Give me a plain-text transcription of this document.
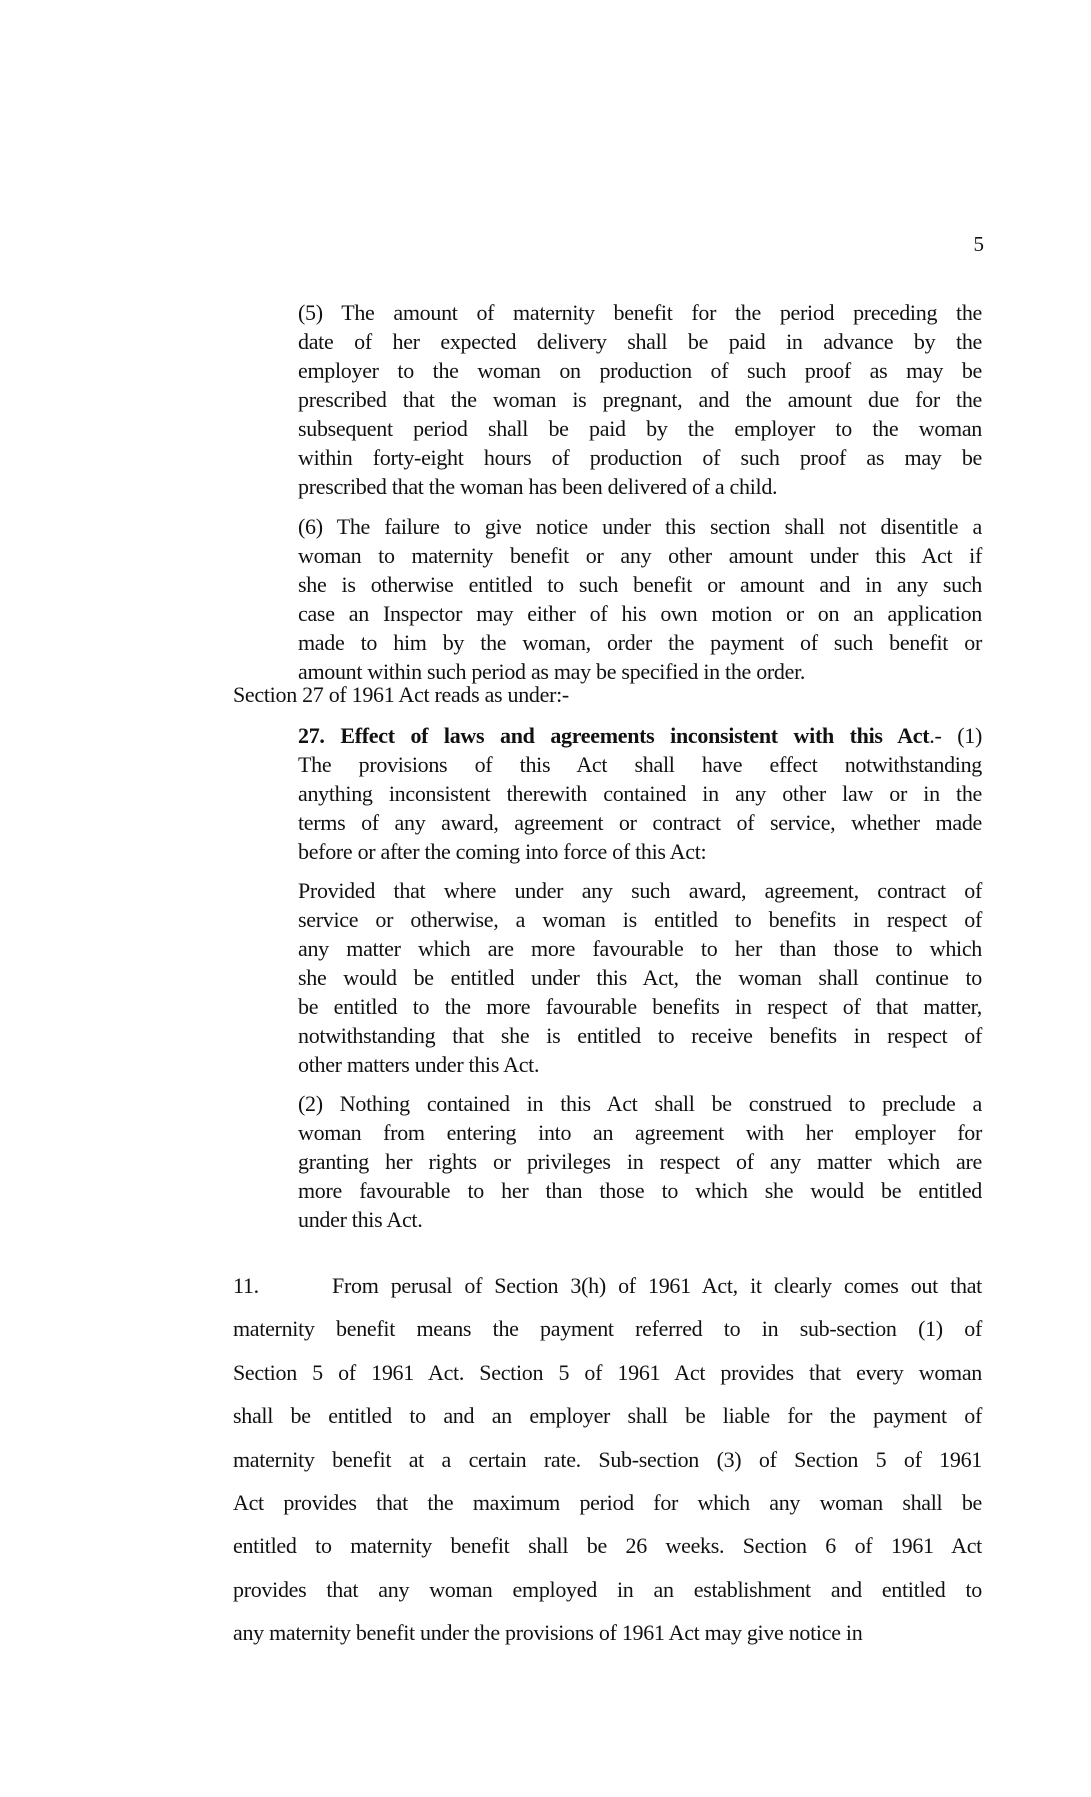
5
(5) The amount of maternity benefit for the period preceding the
date of her expected delivery shall be paid in advance by the
employer to the woman on production of such proof as may be
prescribed that the woman is pregnant, and the amount due for the
subsequent period shall be paid by the employer to the woman
within forty-eight hours of production of such proof as may be
prescribed that the woman has been delivered of a child.
(6) The failure to give notice under this section shall not disentitle a
woman to maternity benefit or any other amount under this Act if
she is otherwise entitled to such benefit or amount and in any such
case an Inspector may either of his own motion or on an application
made to him by the woman, order the payment of such benefit or
amount within such period as may be specified in the order.
Section 27 of 1961 Act reads as under:-
27. Effect of laws and agreements inconsistent with this Act.- (1)
The provisions of this Act shall have effect notwithstanding
anything inconsistent therewith contained in any other law or in the
terms of any award, agreement or contract of service, whether made
before or after the coming into force of this Act:
Provided that where under any such award, agreement, contract of
service or otherwise, a woman is entitled to benefits in respect of
any matter which are more favourable to her than those to which
she would be entitled under this Act, the woman shall continue to
be entitled to the more favourable benefits in respect of that matter,
notwithstanding that she is entitled to receive benefits in respect of
other matters under this Act.
(2) Nothing contained in this Act shall be construed to preclude a
woman from entering into an agreement with her employer for
granting her rights or privileges in respect of any matter which are
more favourable to her than those to which she would be entitled
under this Act.
11.      From perusal of Section 3(h) of 1961 Act, it clearly comes out that
maternity benefit means the payment referred to in sub-section (1) of
Section 5 of 1961 Act. Section 5 of 1961 Act provides that every woman
shall be entitled to and an employer shall be liable for the payment of
maternity benefit at a certain rate. Sub-section (3) of Section 5 of 1961
Act provides that the maximum period for which any woman shall be
entitled to maternity benefit shall be 26 weeks. Section 6 of 1961 Act
provides that any woman employed in an establishment and entitled to
any maternity benefit under the provisions of 1961 Act may give notice in
